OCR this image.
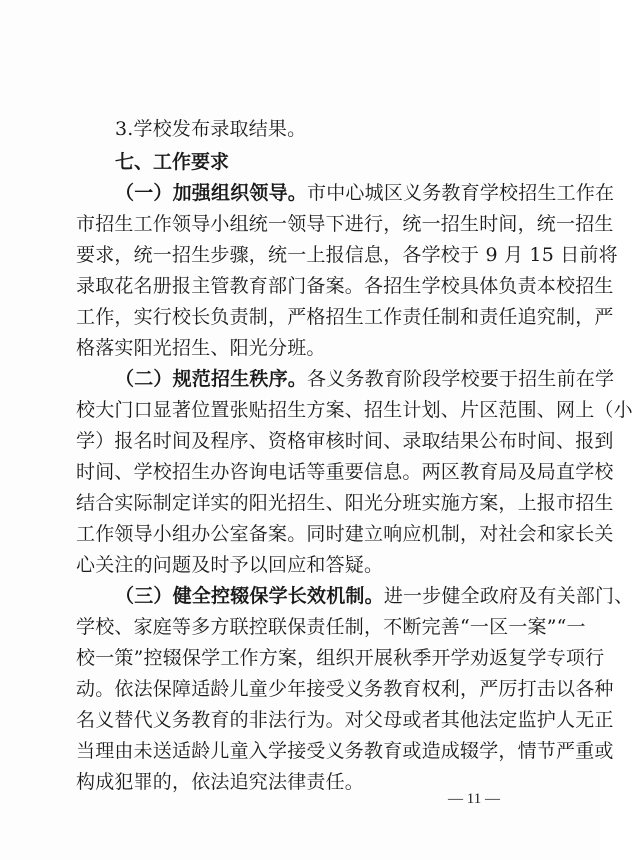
3.学校发布录取结果。
七、工作要求
（一）加强组织领导。市中心城区义务教育学校招生工作在
市招生工作领导小组统一领导下进行，统一招生时间，统一招生
要求，统一招生步骤，统一上报信息，各学校于 9 月 15 日前将
录取花名册报主管教育部门备案。各招生学校具体负责本校招生
工作，实行校长负责制，严格招生工作责任制和责任追究制，严
格落实阳光招生、阳光分班。
（二）规范招生秩序。各义务教育阶段学校要于招生前在学
校大门口显著位置张贴招生方案、招生计划、片区范围、网上（小
学）报名时间及程序、资格审核时间、录取结果公布时间、报到
时间、学校招生办咨询电话等重要信息。两区教育局及局直学校
结合实际制定详实的阳光招生、阳光分班实施方案，上报市招生
工作领导小组办公室备案。同时建立响应机制，对社会和家长关
心关注的问题及时予以回应和答疑。
（三）健全控辍保学长效机制。进一步健全政府及有关部门、
学校、家庭等多方联控联保责任制，不断完善“一区一案”“一
校一策”控辍保学工作方案，组织开展秋季开学劝返复学专项行
动。依法保障适龄儿童少年接受义务教育权利，严厉打击以各种
名义替代义务教育的非法行为。对父母或者其他法定监护人无正
当理由未送适龄儿童入学接受义务教育或造成辍学，情节严重或
构成犯罪的，依法追究法律责任。
— 11 —
